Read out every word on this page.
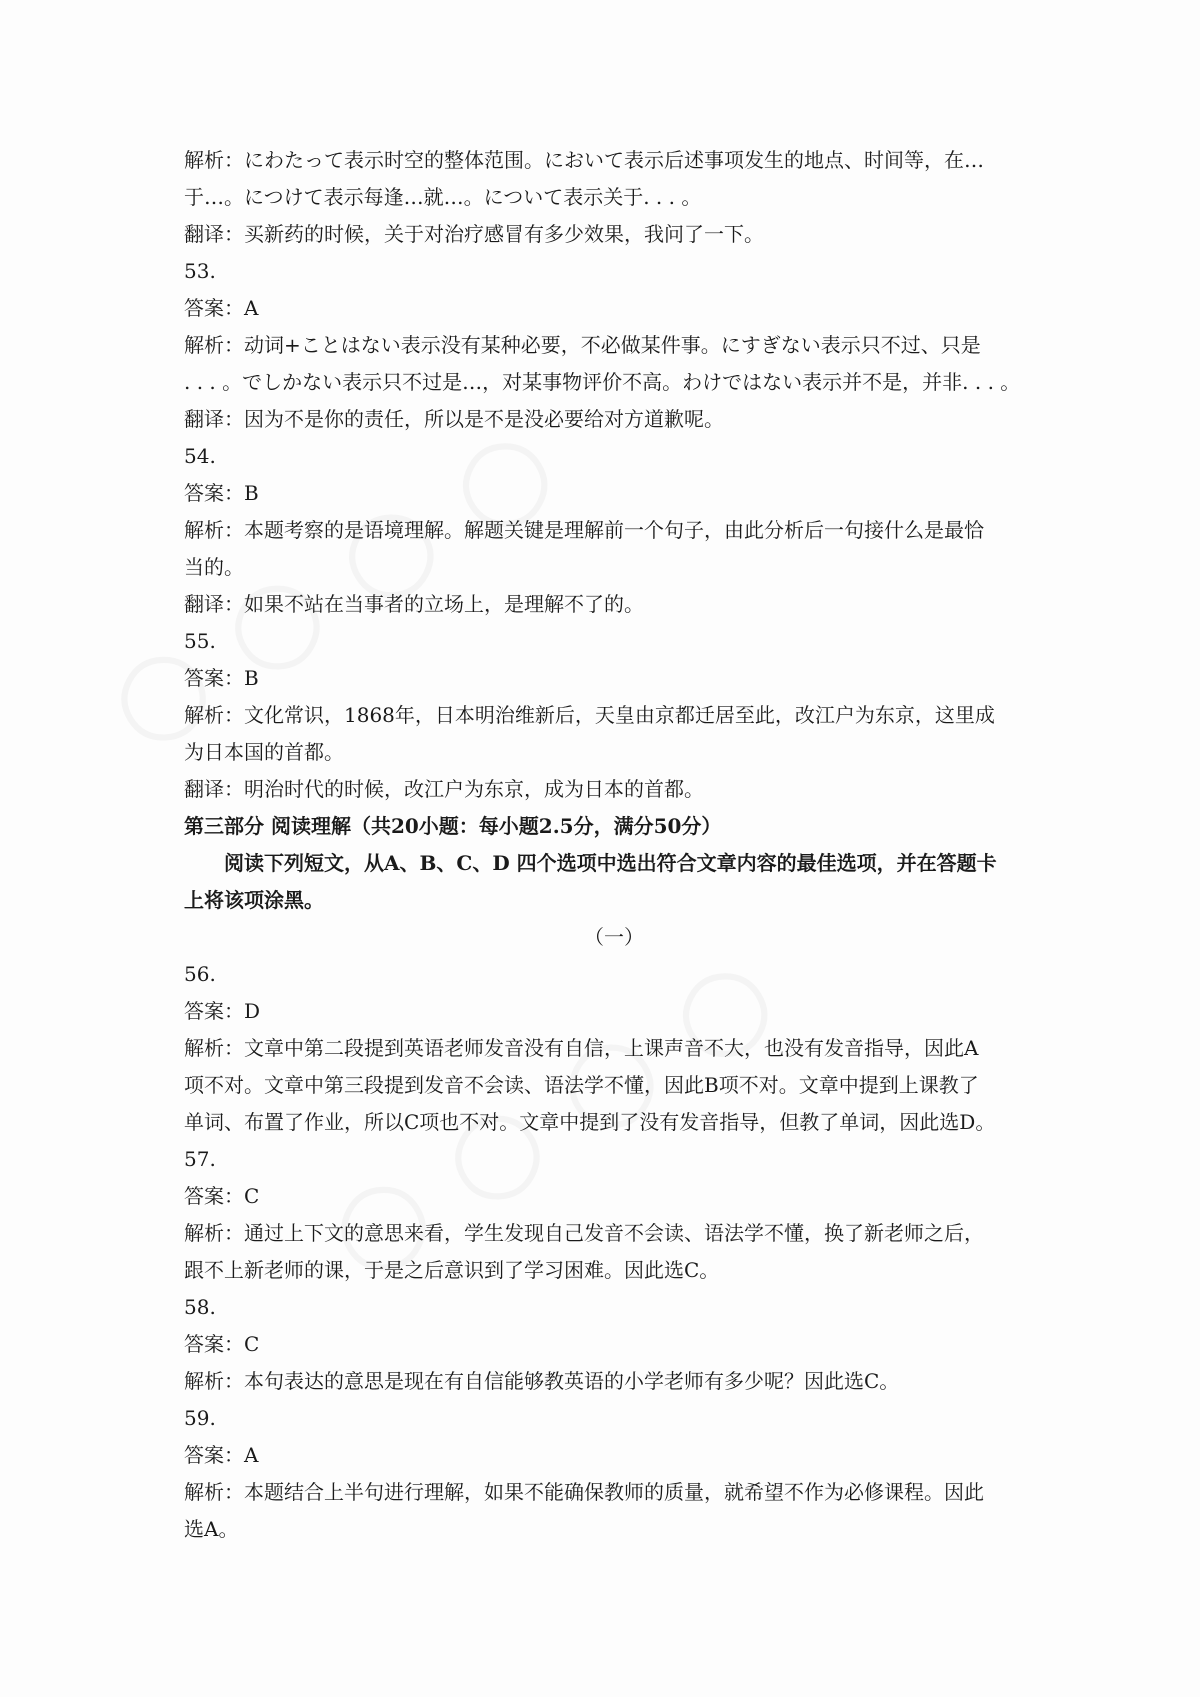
解析：にわたって表示时空的整体范围。において表示后述事项发生的地点、时间等，在…
于…。につけて表示每逢…就…。について表示关于. . . 。
翻译：买新药的时候，关于对治疗感冒有多少效果，我问了一下。
53.
答案：A
解析：动词+ことはない表示没有某种必要，不必做某件事。にすぎない表示只不过、只是
. . . 。でしかない表示只不过是…，对某事物评价不高。わけではない表示并不是，并非. . . 。
翻译：因为不是你的责任，所以是不是没必要给对方道歉呢。
54.
答案：B
解析：本题考察的是语境理解。解题关键是理解前一个句子，由此分析后一句接什么是最恰
当的。
翻译：如果不站在当事者的立场上，是理解不了的。
55.
答案：B
解析：文化常识，1868年，日本明治维新后，天皇由京都迁居至此，改江户为东京，这里成
为日本国的首都。
翻译：明治时代的时候，改江户为东京，成为日本的首都。
第三部分 阅读理解（共20小题：每小题2.5分，满分50分）
阅读下列短文，从A、B、C、D 四个选项中选出符合文章内容的最佳选项，并在答题卡
上将该项涂黑。
（一）
56.
答案：D
解析：文章中第二段提到英语老师发音没有自信，上课声音不大，也没有发音指导，因此A
项不对。文章中第三段提到发音不会读、语法学不懂，因此B项不对。文章中提到上课教了
单词、布置了作业，所以C项也不对。文章中提到了没有发音指导，但教了单词，因此选D。
57.
答案：C
解析：通过上下文的意思来看，学生发现自己发音不会读、语法学不懂，换了新老师之后，
跟不上新老师的课，于是之后意识到了学习困难。因此选C。
58.
答案：C
解析：本句表达的意思是现在有自信能够教英语的小学老师有多少呢？因此选C。
59.
答案：A
解析：本题结合上半句进行理解，如果不能确保教师的质量，就希望不作为必修课程。因此
选A。
